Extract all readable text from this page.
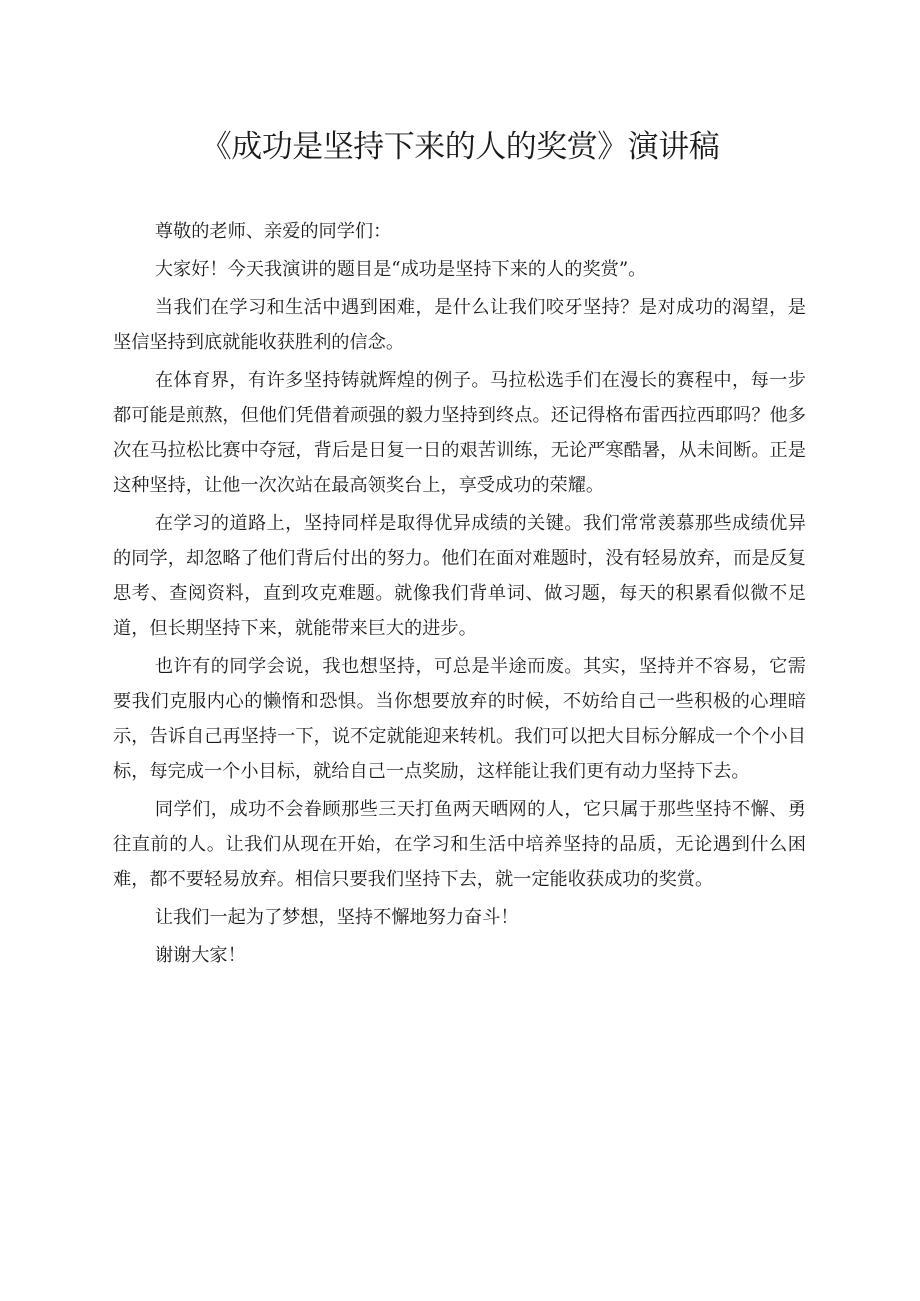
《成功是坚持下来的人的奖赏》演讲稿

尊敬的老师、亲爱的同学们：

大家好！今天我演讲的题目是“成功是坚持下来的人的奖赏”。

当我们在学习和生活中遇到困难，是什么让我们咬牙坚持？是对成功的渴望，是坚信坚持到底就能收获胜利的信念。

在体育界，有许多坚持铸就辉煌的例子。马拉松选手们在漫长的赛程中，每一步都可能是煎熬，但他们凭借着顽强的毅力坚持到终点。还记得格布雷西拉西耶吗？他多次在马拉松比赛中夺冠，背后是日复一日的艰苦训练，无论严寒酷暑，从未间断。正是这种坚持，让他一次次站在最高领奖台上，享受成功的荣耀。

在学习的道路上，坚持同样是取得优异成绩的关键。我们常常羡慕那些成绩优异的同学，却忽略了他们背后付出的努力。他们在面对难题时，没有轻易放弃，而是反复思考、查阅资料，直到攻克难题。就像我们背单词、做习题，每天的积累看似微不足道，但长期坚持下来，就能带来巨大的进步。

也许有的同学会说，我也想坚持，可总是半途而废。其实，坚持并不容易，它需要我们克服内心的懒惰和恐惧。当你想要放弃的时候，不妨给自己一些积极的心理暗示，告诉自己再坚持一下，说不定就能迎来转机。我们可以把大目标分解成一个个小目标，每完成一个小目标，就给自己一点奖励，这样能让我们更有动力坚持下去。

同学们，成功不会眷顾那些三天打鱼两天晒网的人，它只属于那些坚持不懈、勇往直前的人。让我们从现在开始，在学习和生活中培养坚持的品质，无论遇到什么困难，都不要轻易放弃。相信只要我们坚持下去，就一定能收获成功的奖赏。

让我们一起为了梦想，坚持不懈地努力奋斗！

谢谢大家！
